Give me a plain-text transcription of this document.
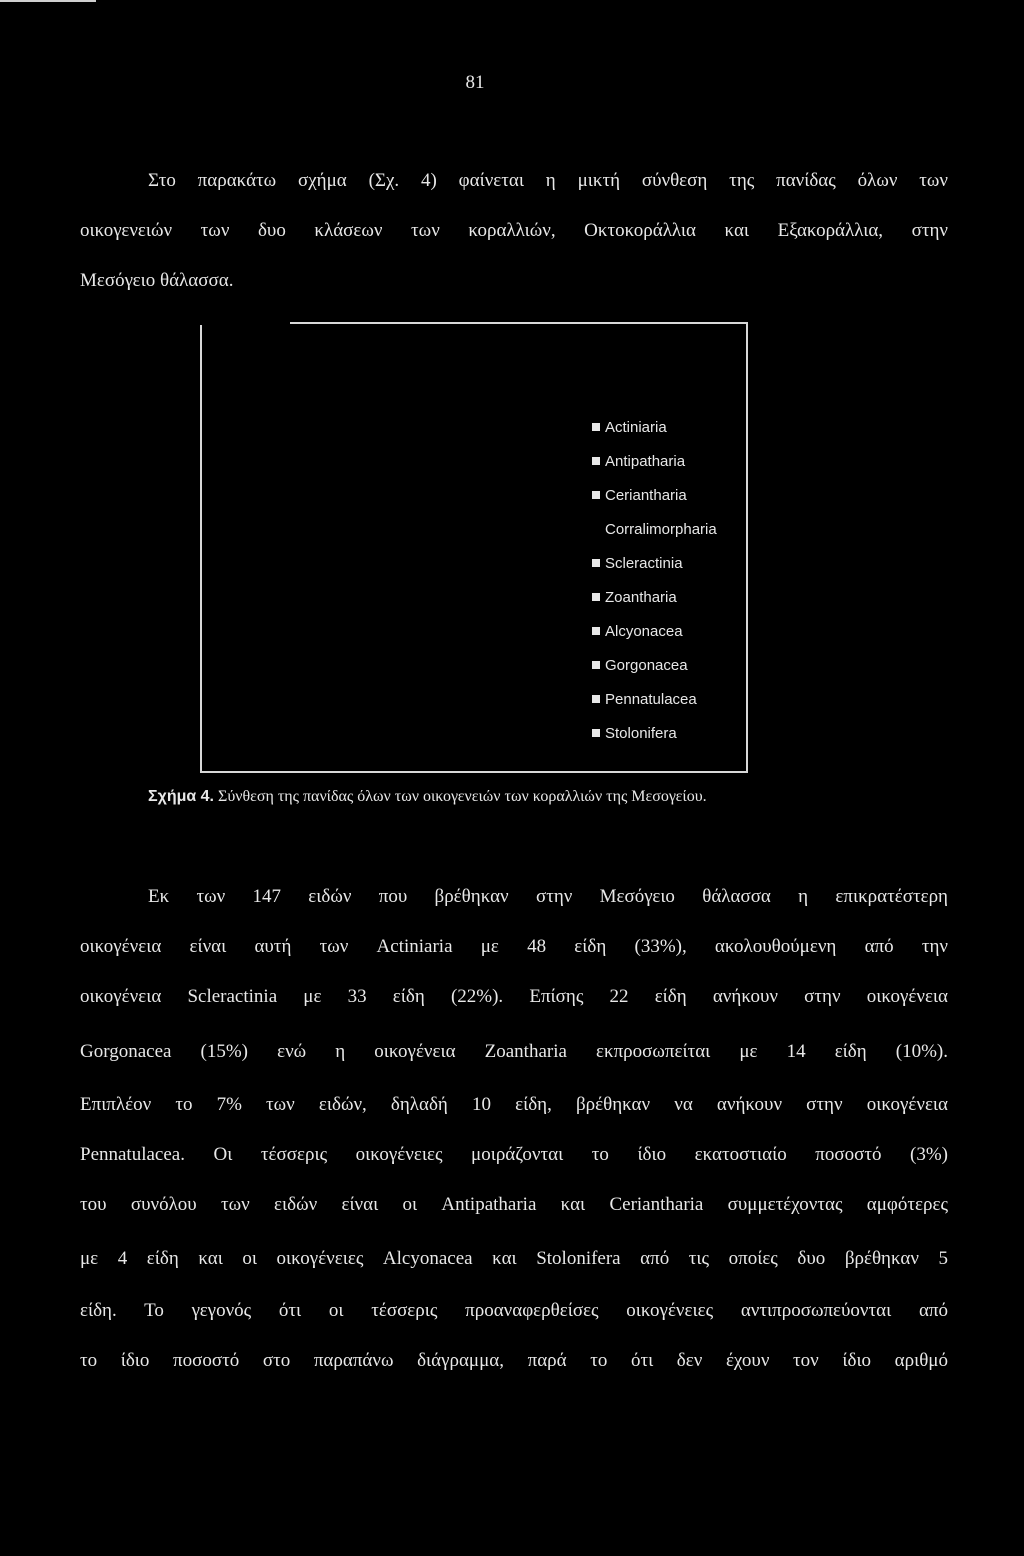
81
Στο παρακάτω σχήμα (Σχ. 4) φαίνεται η μικτή σύνθεση της πανίδας όλων των
οικογενειών των δυο κλάσεων των κοραλλιών, Οκτοκοράλλια και Εξακοράλλια, στην
Μεσόγειο θάλασσα.
Actiniaria
Antipatharia
Ceriantharia
Corralimorpharia
Scleractinia
Zoantharia
Alcyonacea
Gorgonacea
Pennatulacea
Stolonifera
Σχήμα 4. Σύνθεση της πανίδας όλων των οικογενειών των κοραλλιών της Μεσογείου.
Εκ των 147 ειδών που βρέθηκαν στην Μεσόγειο θάλασσα η επικρατέστερη
οικογένεια είναι αυτή των Actiniaria με 48 είδη (33%), ακολουθούμενη από την
οικογένεια Scleractinia με 33 είδη (22%). Επίσης 22 είδη ανήκουν στην οικογένεια
Gorgonacea (15%) ενώ η οικογένεια Zoantharia εκπροσωπείται με 14 είδη (10%).
Επιπλέον το 7% των ειδών, δηλαδή 10 είδη, βρέθηκαν να ανήκουν στην οικογένεια
Pennatulacea. Οι τέσσερις οικογένειες μοιράζονται το ίδιο εκατοστιαίο ποσοστό (3%)
του συνόλου των ειδών είναι οι Antipatharia και Ceriantharia συμμετέχοντας αμφότερες
με 4 είδη και οι οικογένειες Alcyonacea και Stolonifera από τις οποίες δυο βρέθηκαν 5
είδη. Το γεγονός ότι οι τέσσερις προαναφερθείσες οικογένειες αντιπροσωπεύονται από
το ίδιο ποσοστό στο παραπάνω διάγραμμα, παρά το ότι δεν έχουν τον ίδιο αριθμό
